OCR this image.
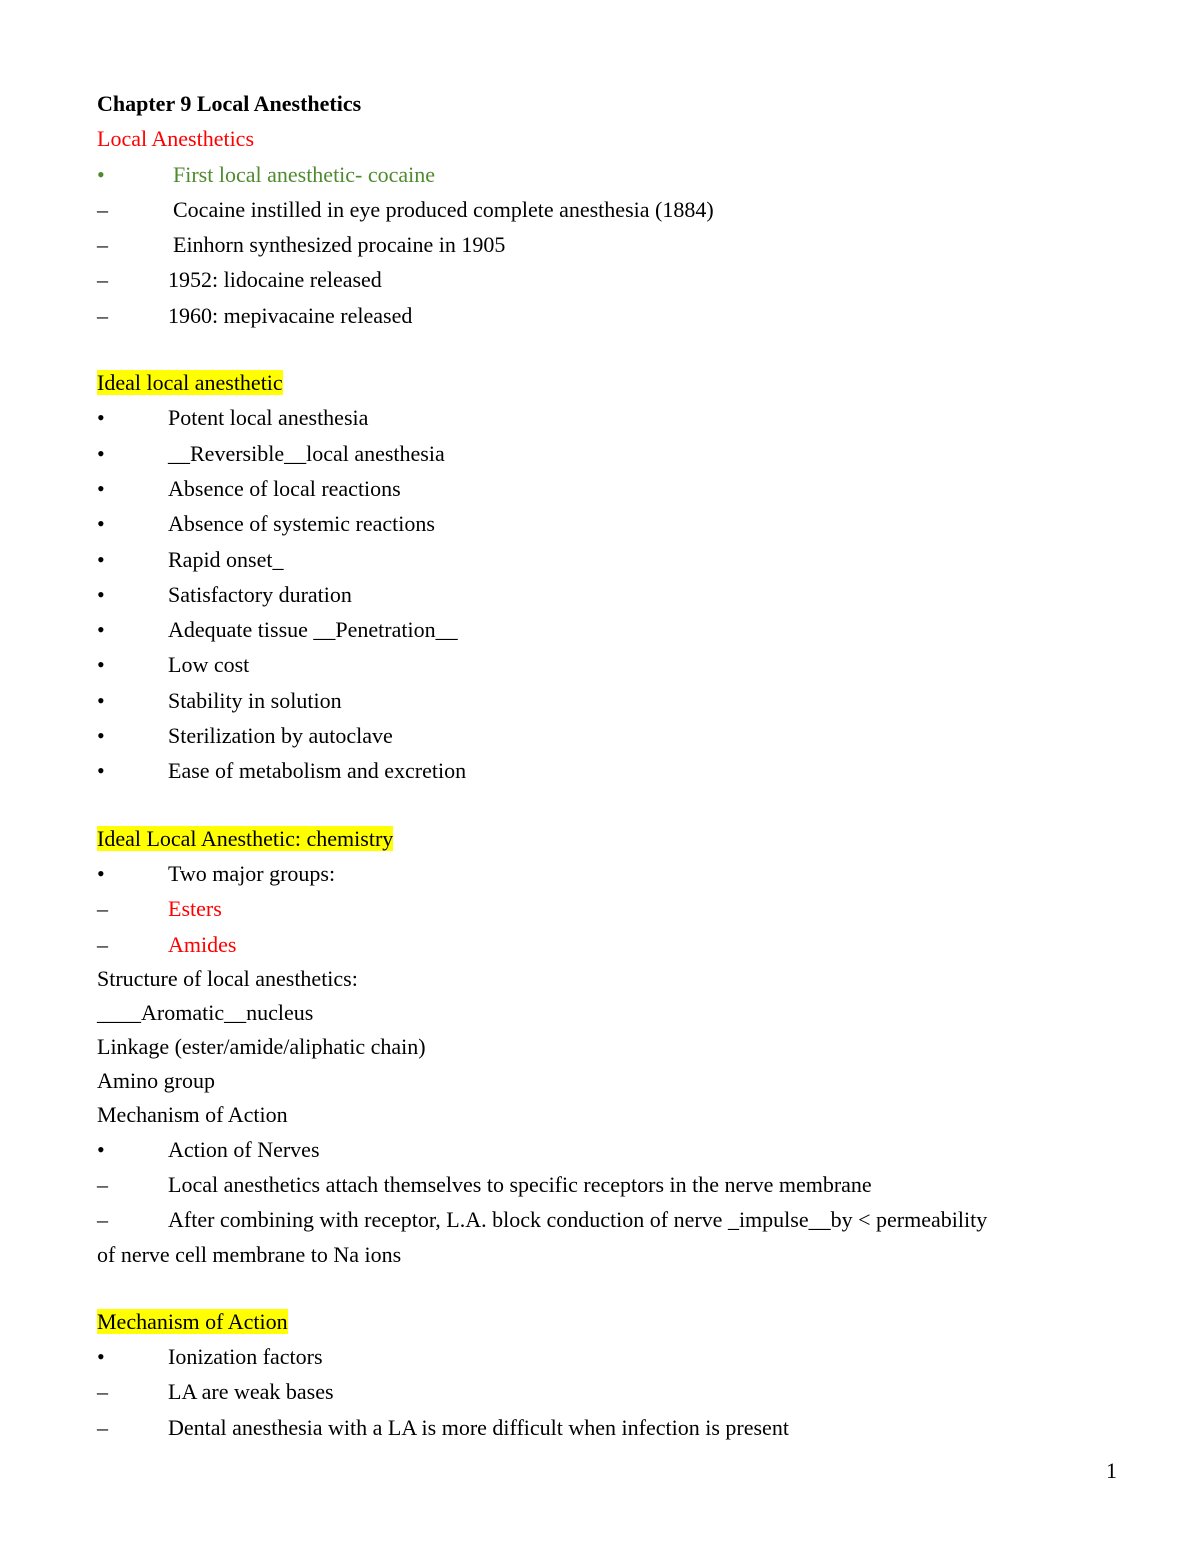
Chapter 9 Local Anesthetics
Local Anesthetics
•	First local anesthetic- cocaine
–	Cocaine instilled in eye produced complete anesthesia (1884)
–	Einhorn synthesized procaine in 1905
–	1952: lidocaine released
–	1960: mepivacaine released
Ideal local anesthetic
•	Potent local anesthesia
•	__Reversible__local anesthesia
•	Absence of local reactions
•	Absence of systemic reactions
•	Rapid onset_
•	Satisfactory duration
•	Adequate tissue __Penetration__
•	Low cost
•	Stability in solution
•	Sterilization by autoclave
•	Ease of metabolism and excretion
Ideal Local Anesthetic: chemistry
•	Two major groups:
–	Esters
–	Amides
Structure of local anesthetics:
____Aromatic__nucleus
Linkage (ester/amide/aliphatic chain)
Amino group
Mechanism of Action
•	Action of Nerves
–	Local anesthetics attach themselves to specific receptors in the nerve membrane
–	After combining with receptor, L.A. block conduction of nerve _impulse__by < permeability
of nerve cell membrane to Na ions
Mechanism of Action
•	Ionization factors
–	LA are weak bases
–	Dental anesthesia with a LA is more difficult when infection is present
1
